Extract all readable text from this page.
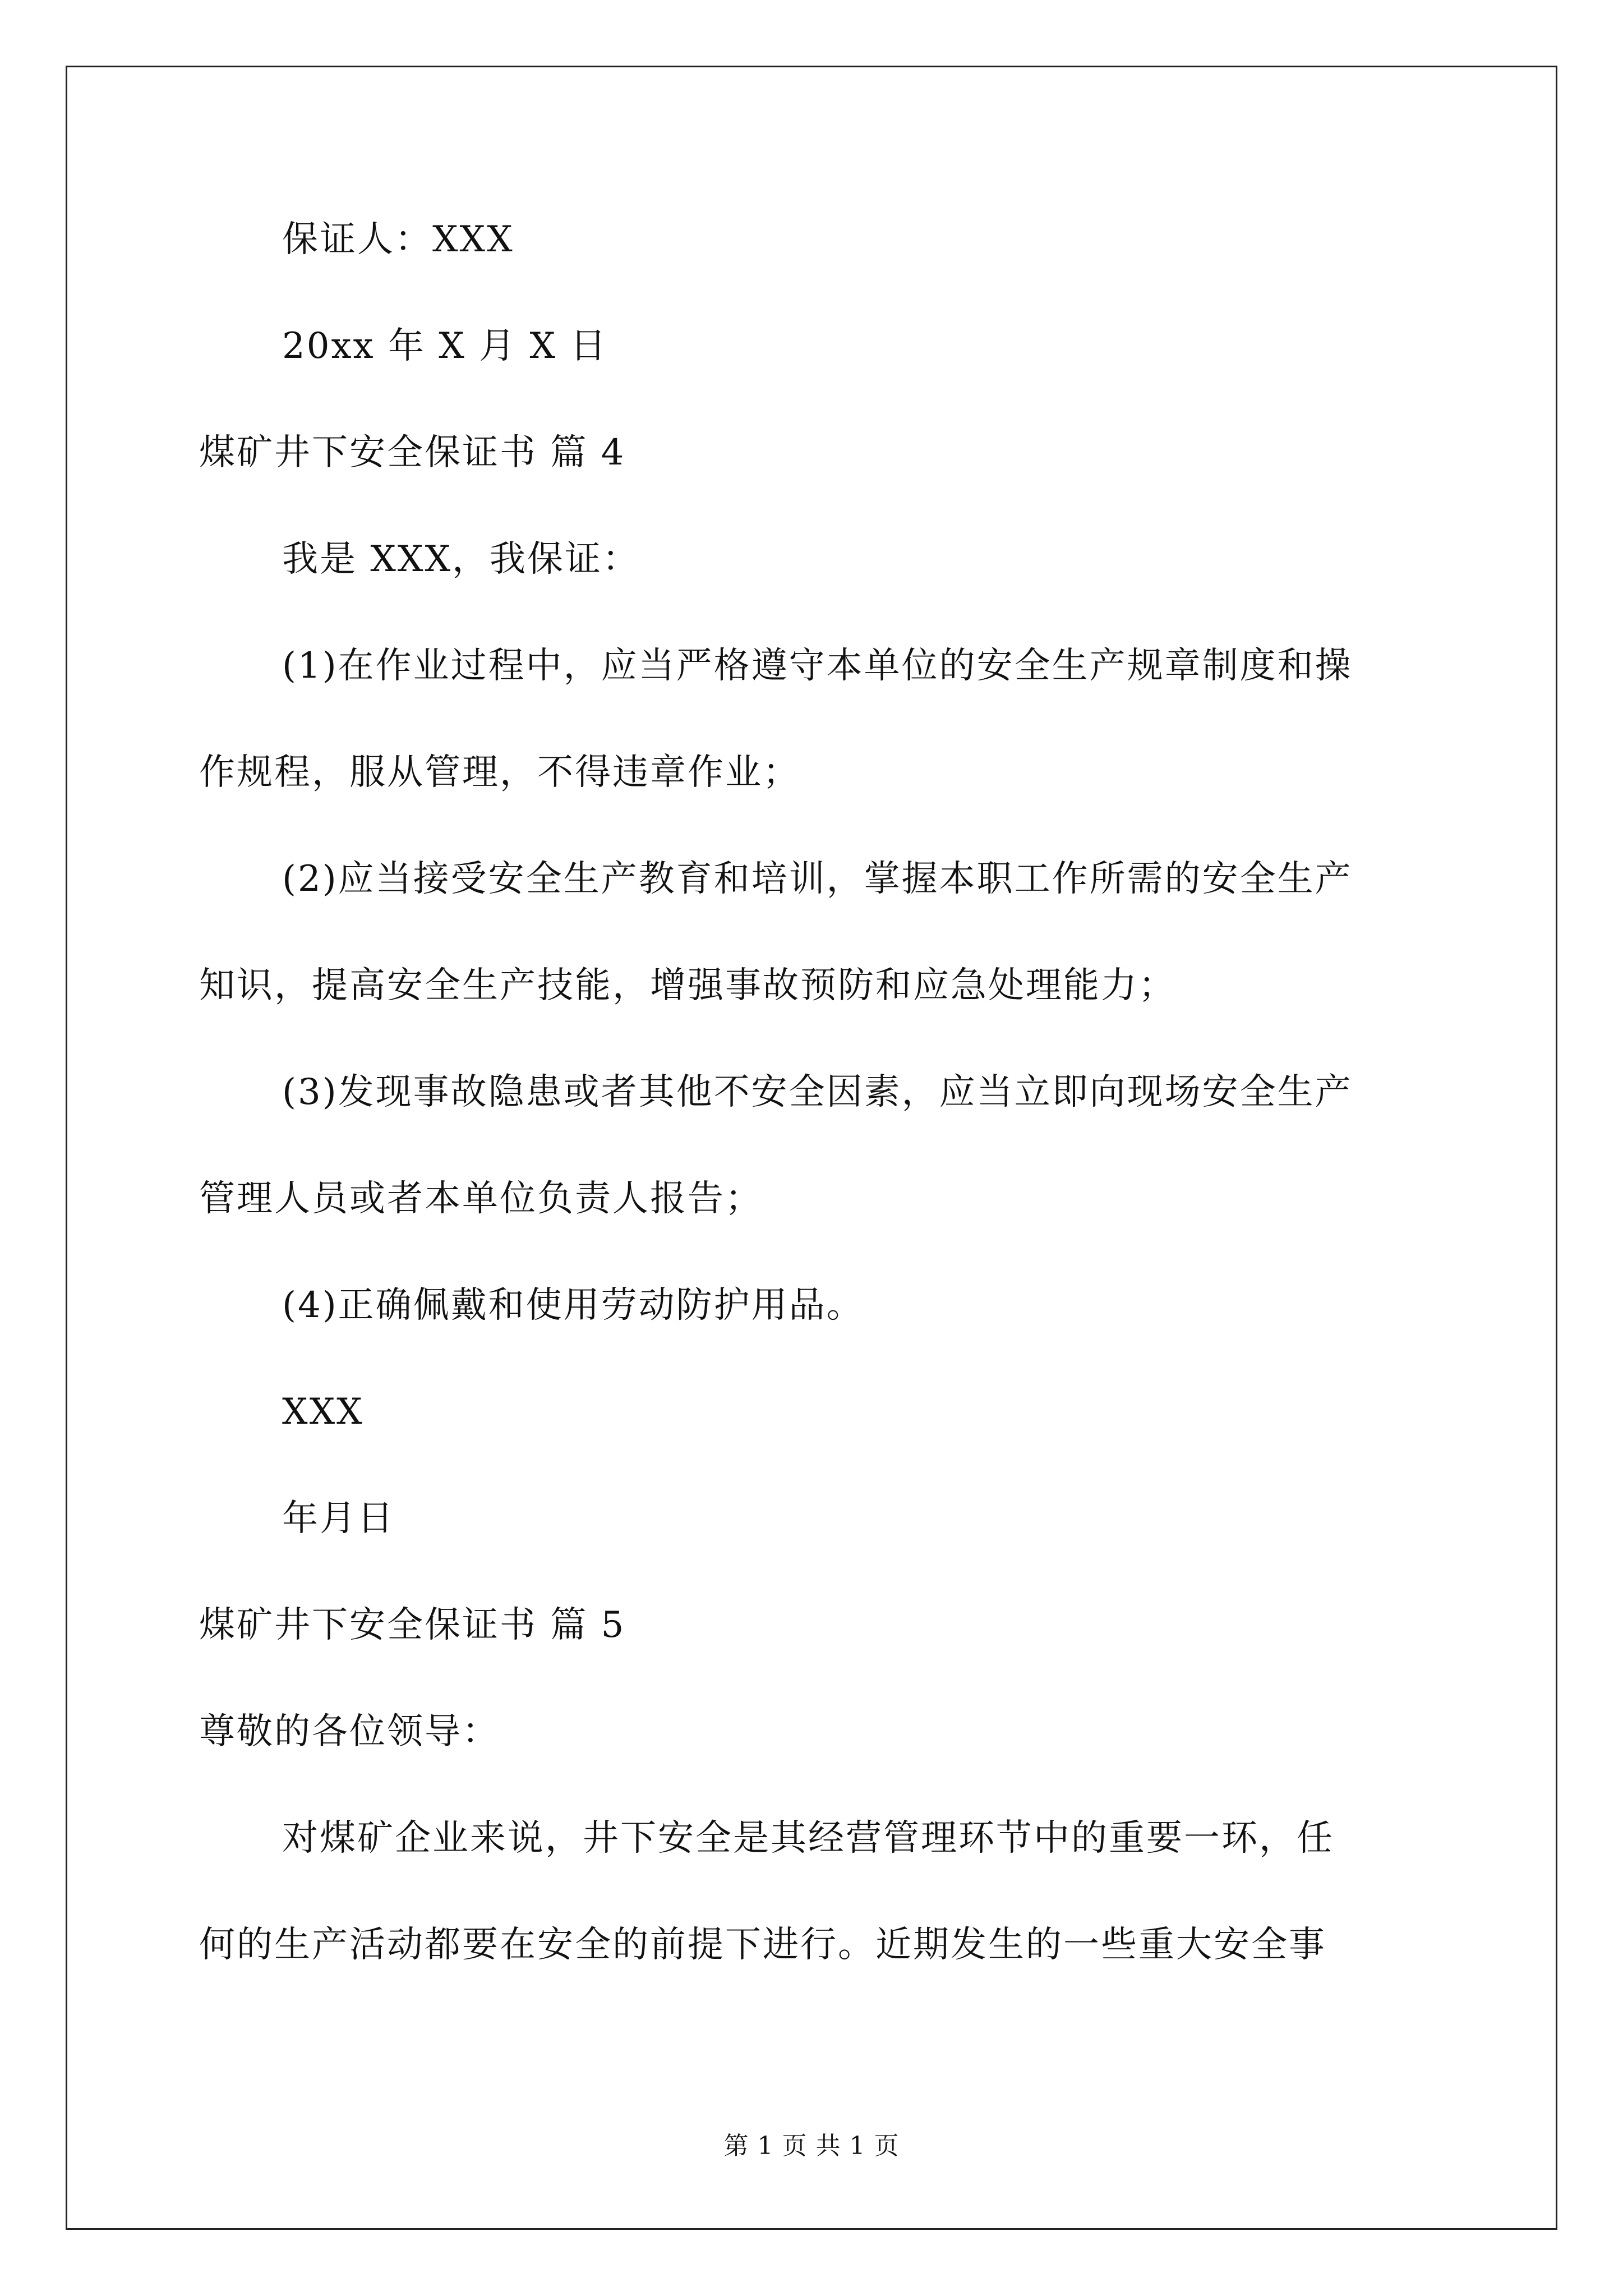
保证人：XXX

20xx 年 X 月 X 日

煤矿井下安全保证书 篇 4

我是 XXX，我保证：

(1)在作业过程中，应当严格遵守本单位的安全生产规章制度和操

作规程，服从管理，不得违章作业；

(2)应当接受安全生产教育和培训，掌握本职工作所需的安全生产

知识，提高安全生产技能，增强事故预防和应急处理能力；

(3)发现事故隐患或者其他不安全因素，应当立即向现场安全生产

管理人员或者本单位负责人报告；

(4)正确佩戴和使用劳动防护用品。

XXX

年月日

煤矿井下安全保证书 篇 5

尊敬的各位领导：

对煤矿企业来说，井下安全是其经营管理环节中的重要一环，任

何的生产活动都要在安全的前提下进行。近期发生的一些重大安全事

第 1 页 共 1 页
